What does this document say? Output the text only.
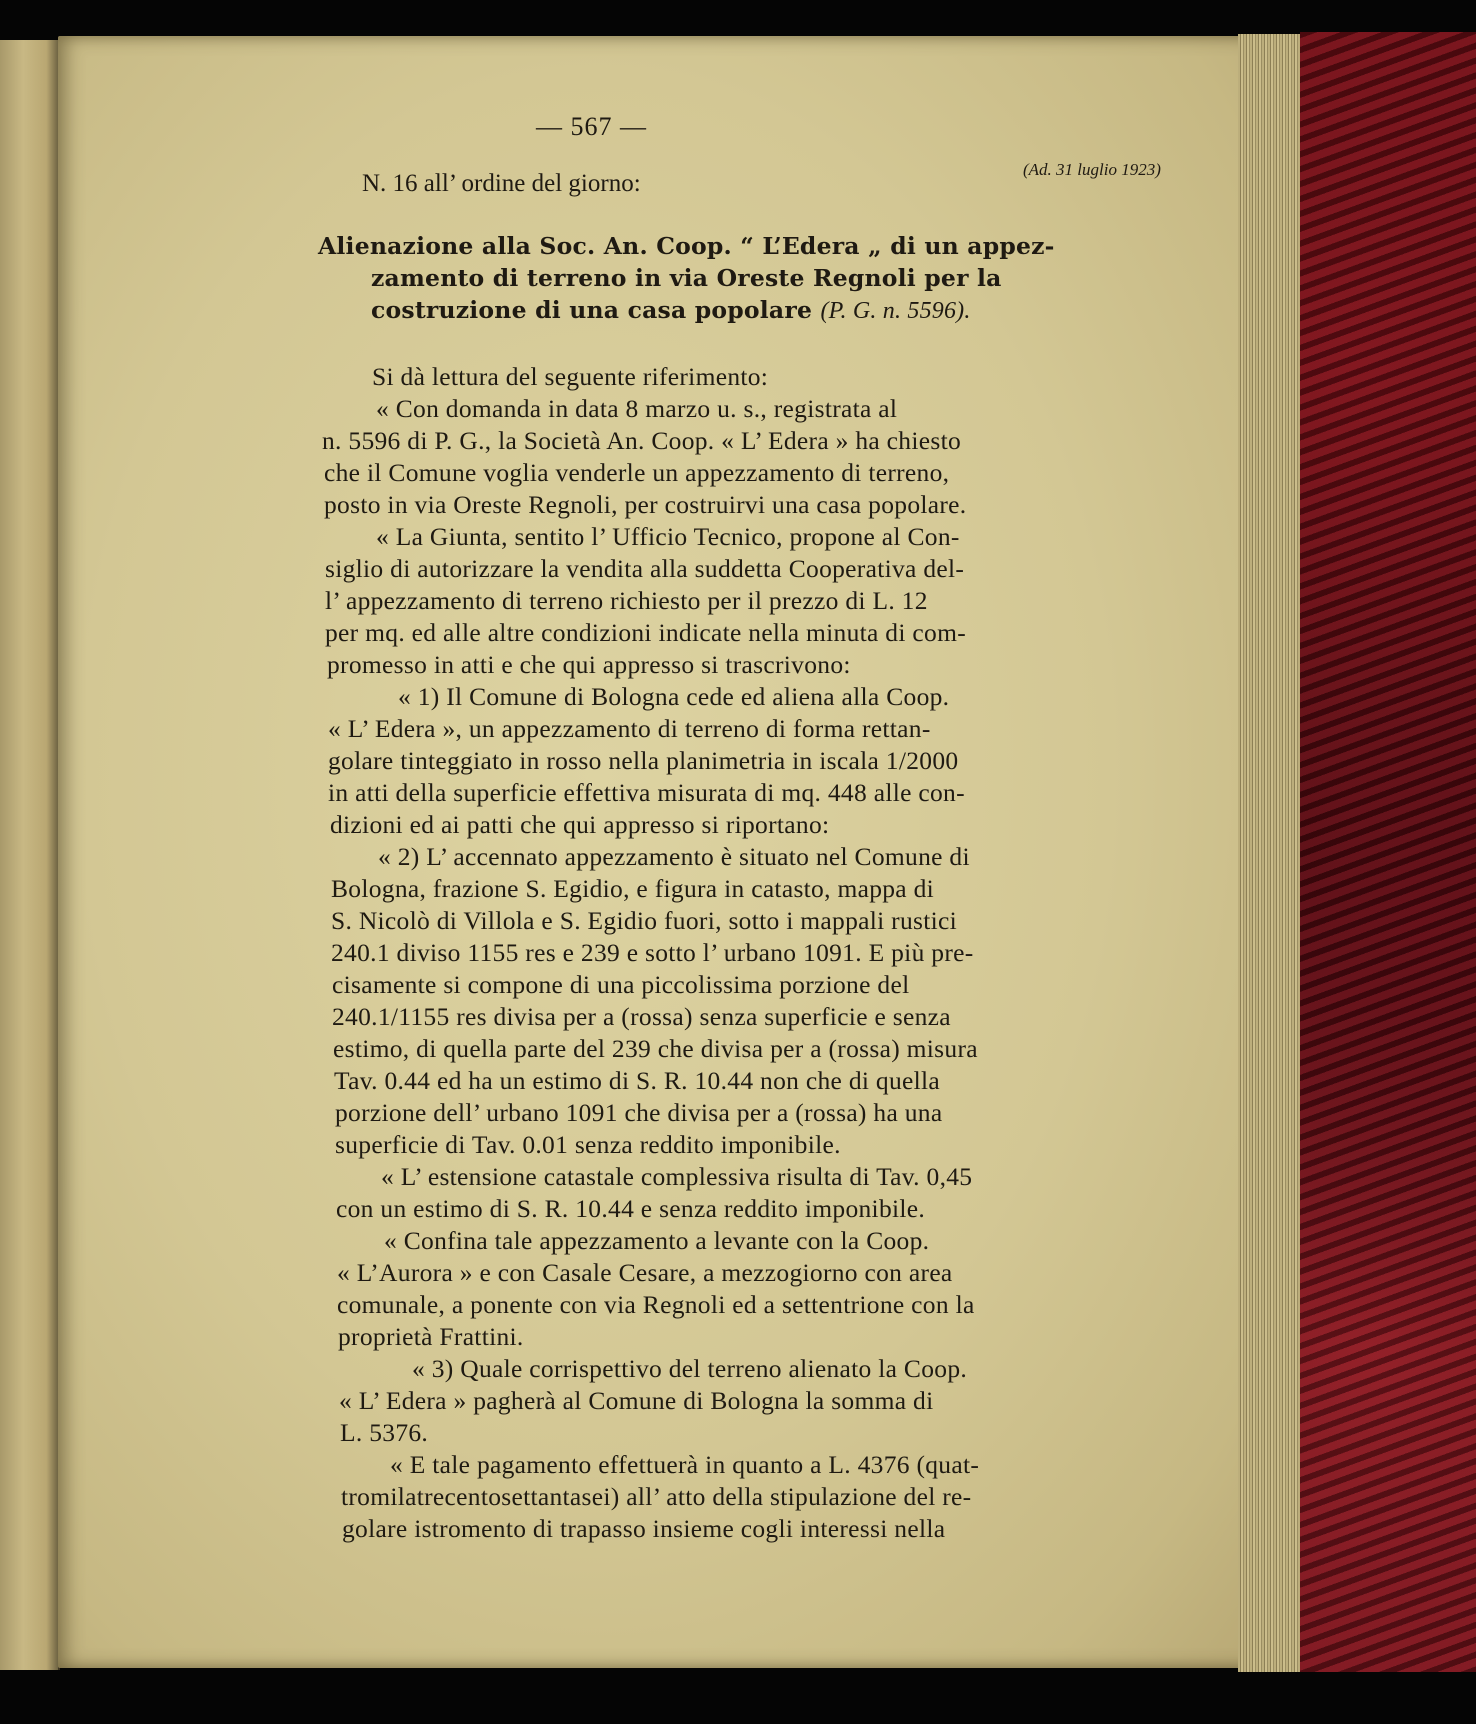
— 567 —
(Ad. 31 luglio 1923)
N. 16 all’ ordine del giorno:
Alienazione alla Soc. An. Coop. “ L’Edera „ di un appez-
zamento di terreno in via Oreste Regnoli per la
costruzione di una casa popolare (P. G. n. 5596).
Si dà lettura del seguente riferimento:
« Con domanda in data 8 marzo u. s., registrata al
n. 5596 di P. G., la Società An. Coop. « L’ Edera » ha chiesto
che il Comune voglia venderle un appezzamento di terreno,
posto in via Oreste Regnoli, per costruirvi una casa popolare.
« La Giunta, sentito l’ Ufficio Tecnico, propone al Con-
siglio di autorizzare la vendita alla suddetta Cooperativa del-
l’ appezzamento di terreno richiesto per il prezzo di L. 12
per mq. ed alle altre condizioni indicate nella minuta di com-
promesso in atti e che qui appresso si trascrivono:
« 1) Il Comune di Bologna cede ed aliena alla Coop.
« L’ Edera », un appezzamento di terreno di forma rettan-
golare tinteggiato in rosso nella planimetria in iscala 1/2000
in atti della superficie effettiva misurata di mq. 448 alle con-
dizioni ed ai patti che qui appresso si riportano:
« 2) L’ accennato appezzamento è situato nel Comune di
Bologna, frazione S. Egidio, e figura in catasto, mappa di
S. Nicolò di Villola e S. Egidio fuori, sotto i mappali rustici
240.1 diviso 1155 res e 239 e sotto l’ urbano 1091. E più pre-
cisamente si compone di una piccolissima porzione del
240.1/1155 res divisa per a (rossa) senza superficie e senza
estimo, di quella parte del 239 che divisa per a (rossa) misura
Tav. 0.44 ed ha un estimo di S. R. 10.44 non che di quella
porzione dell’ urbano 1091 che divisa per a (rossa) ha una
superficie di Tav. 0.01 senza reddito imponibile.
« L’ estensione catastale complessiva risulta di Tav. 0,45
con un estimo di S. R. 10.44 e senza reddito imponibile.
« Confina tale appezzamento a levante con la Coop.
« L’Aurora » e con Casale Cesare, a mezzogiorno con area
comunale, a ponente con via Regnoli ed a settentrione con la
proprietà Frattini.
« 3) Quale corrispettivo del terreno alienato la Coop.
« L’ Edera » pagherà al Comune di Bologna la somma di
L. 5376.
« E tale pagamento effettuerà in quanto a L. 4376 (quat-
tromilatrecentosettantasei) all’ atto della stipulazione del re-
golare istromento di trapasso insieme cogli interessi nella
